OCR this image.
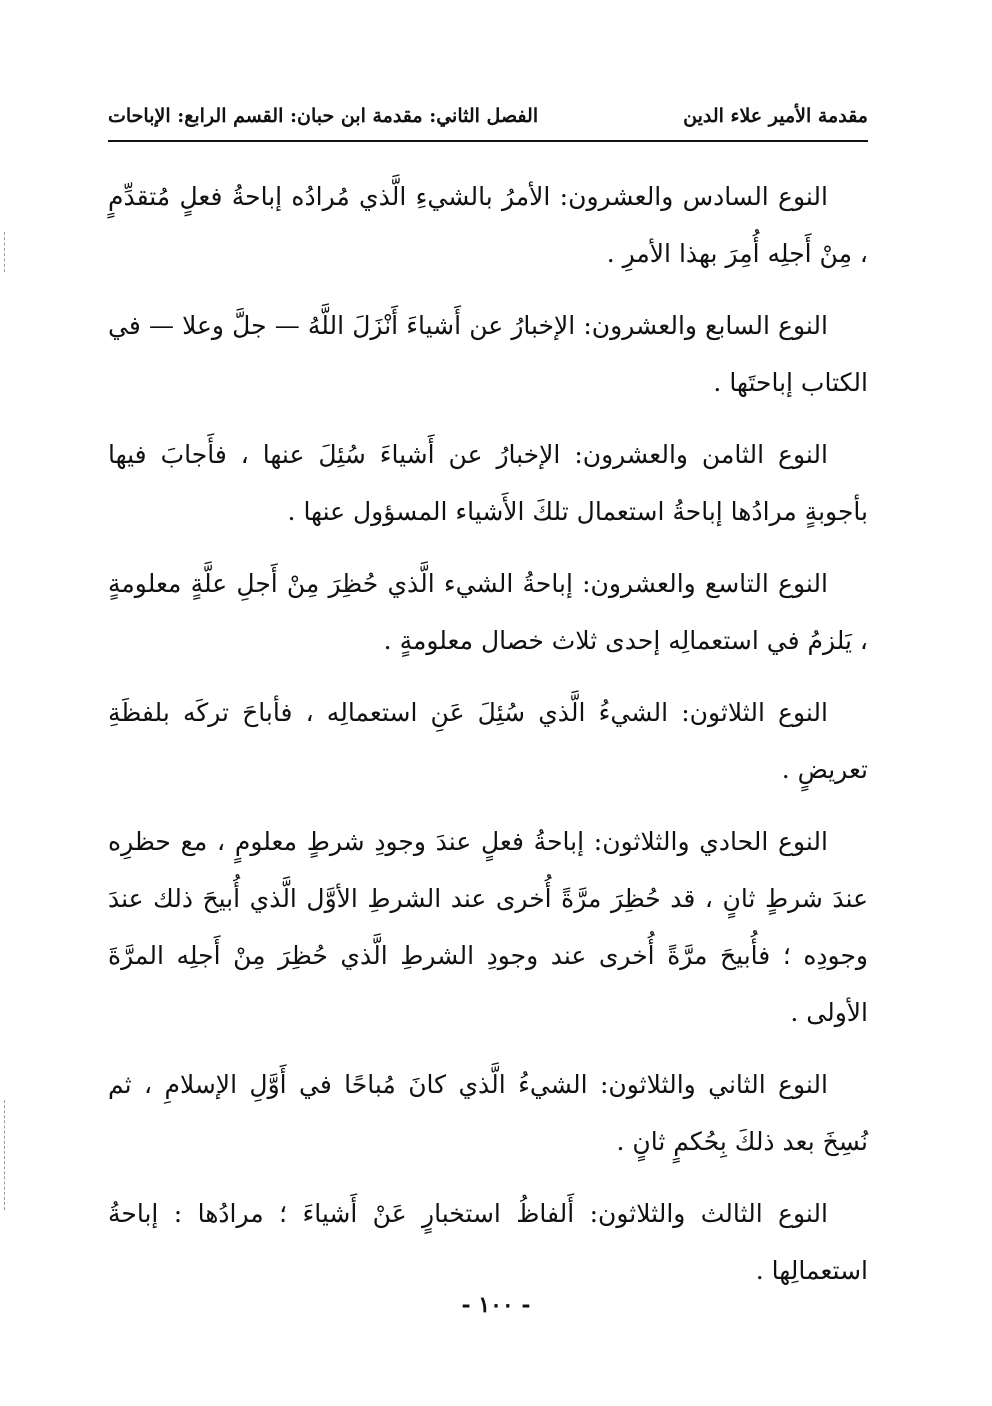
الفصل الثاني: مقدمة ابن حبان: القسم الرابع: الإباحات	مقدمة الأمير علاء الدين

النوع السادس والعشرون: الأمرُ بالشيءِ الَّذي مُرادُه إباحةُ فعلٍ مُتقدِّمٍ ، مِنْ أَجلِه أُمِرَ بهذا الأمرِ .

النوع السابع والعشرون: الإخبارُ عن أَشياءَ أَنْزَلَ اللَّهُ — جلَّ وعلا — في الكتاب إباحتَها .

النوع الثامن والعشرون: الإخبارُ عن أَشياءَ سُئِلَ عنها ، فأَجابَ فيها بأجوبةٍ مرادُها إباحةُ استعمال تلكَ الأَشياء المسؤول عنها .

النوع التاسع والعشرون: إباحةُ الشيء الَّذي حُظِرَ مِنْ أَجلِ علَّةٍ معلومةٍ ، يَلزمُ في استعمالِه إحدى ثلاث خصال معلومةٍ .

النوع الثلاثون: الشيءُ الَّذي سُئِلَ عَنِ استعمالِه ، فأباحَ تركَه بلفظَةِ تعريضٍ .

النوع الحادي والثلاثون: إباحةُ فعلٍ عندَ وجودِ شرطٍ معلومٍ ، مع حظرِه عندَ شرطٍ ثانٍ ، قد حُظِرَ مرَّةً أُخرى عند الشرطِ الأوَّل الَّذي أُبيحَ ذلك عندَ وجودِه ؛ فأُبيحَ مرَّةً أُخرى عند وجودِ الشرطِ الَّذي حُظِرَ مِنْ أَجلِه المرَّةَ الأولى .

النوع الثاني والثلاثون: الشيءُ الَّذي كانَ مُباحًا في أَوَّلِ الإسلامِ ، ثم نُسِخَ بعد ذلكَ بِحُكمٍ ثانٍ .

النوع الثالث والثلاثون: أَلفاظُ استخبارٍ عَنْ أَشياءَ ؛ مرادُها : إباحةُ استعمالِها .

- ١٠٠ -
